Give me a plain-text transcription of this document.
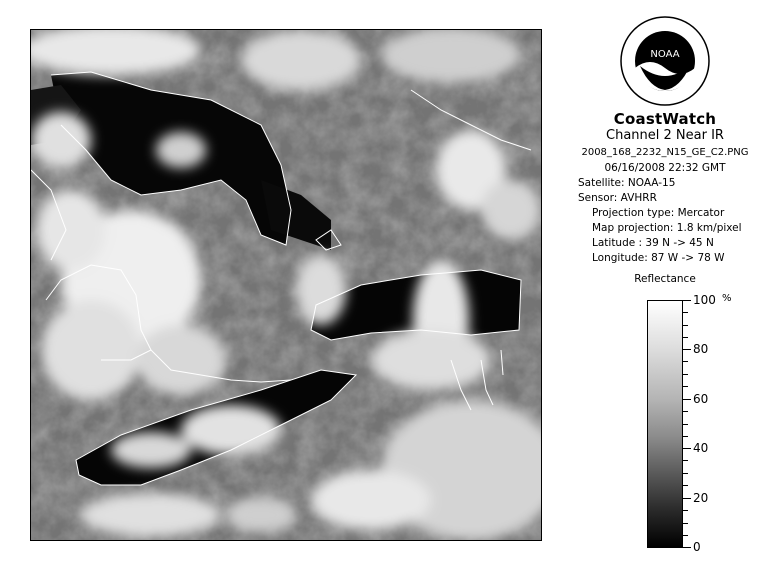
NOAA
CoastWatch
Channel 2 Near IR
2008_168_2232_N15_GE_C2.PNG
06/16/2008 22:32 GMT
Satellite: NOAA-15
Sensor: AVHRR
Projection type: Mercator
Map projection: 1.8 km/pixel
Latitude : 39 N -> 45 N
Longitude: 87 W -> 78 W
Reflectance
%
100
80
60
40
20
0
